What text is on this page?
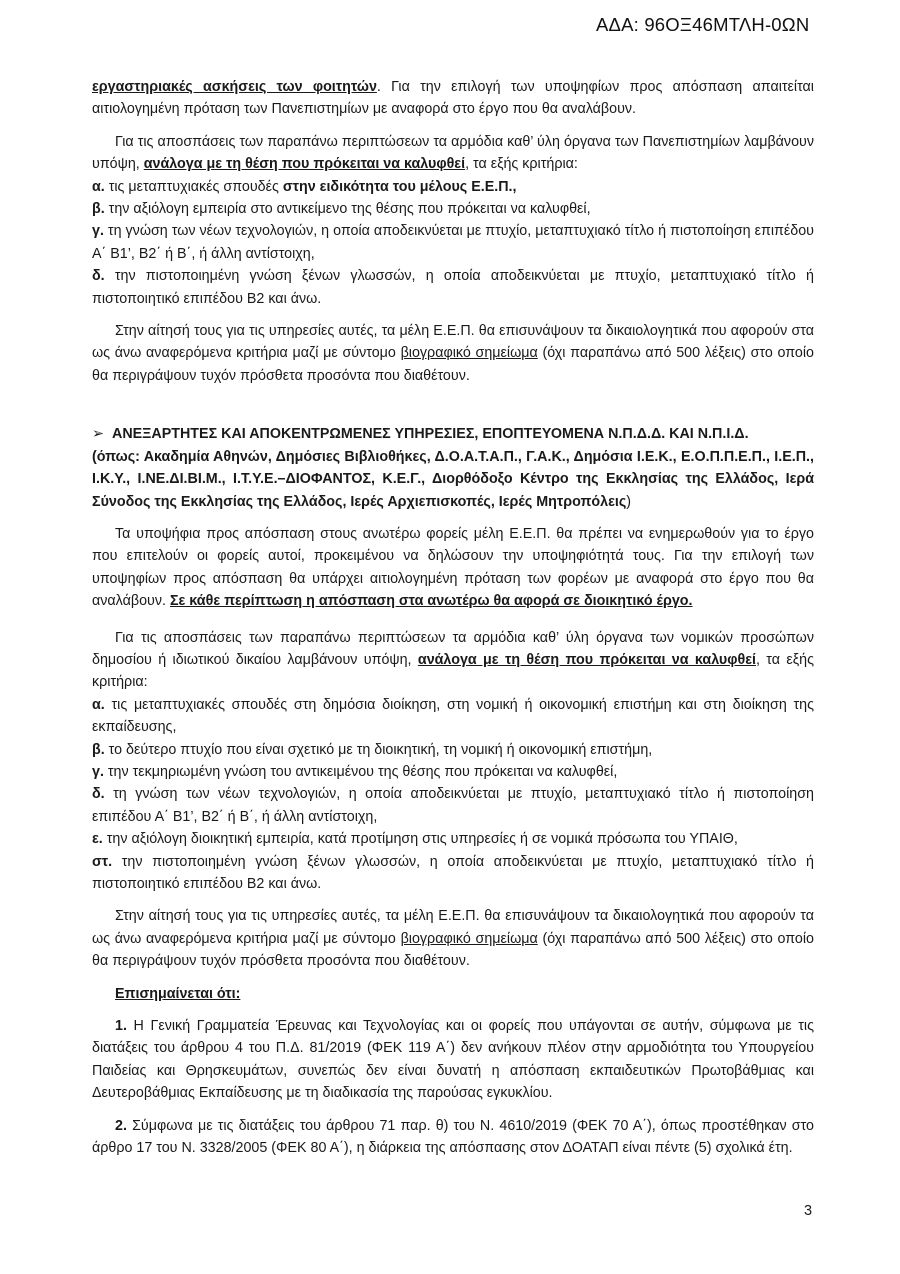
ΑΔΑ: 96ΟΞ46ΜΤΛΗ-0ΩΝ

εργαστηριακές ασκήσεις των φοιτητών. Για την επιλογή των υποψηφίων προς απόσπαση απαιτείται αιτιολογημένη πρόταση των Πανεπιστημίων με αναφορά στο έργο που θα αναλάβουν.

Για τις αποσπάσεις των παραπάνω περιπτώσεων τα αρμόδια καθ’ ύλη όργανα των Πανεπιστημίων λαμβάνουν υπόψη, ανάλογα με τη θέση που πρόκειται να καλυφθεί, τα εξής κριτήρια:

α. τις μεταπτυχιακές σπουδές στην ειδικότητα του μέλους Ε.Ε.Π.,

β. την αξιόλογη εμπειρία στο αντικείμενο της θέσης που πρόκειται να καλυφθεί,

γ. τη γνώση των νέων τεχνολογιών, η οποία αποδεικνύεται με πτυχίο, μεταπτυχιακό τίτλο ή πιστοποίηση επιπέδου Α΄ Β1’, Β2΄ ή Β΄, ή άλλη αντίστοιχη,

δ. την πιστοποιημένη γνώση ξένων γλωσσών, η οποία αποδεικνύεται με πτυχίο, μεταπτυχιακό τίτλο ή πιστοποιητικό επιπέδου Β2 και άνω.

Στην αίτησή τους για τις υπηρεσίες αυτές, τα μέλη Ε.Ε.Π. θα επισυνάψουν τα δικαιολογητικά που αφορούν στα ως άνω αναφερόμενα κριτήρια μαζί με σύντομο βιογραφικό σημείωμα (όχι παραπάνω από 500 λέξεις) στο οποίο θα περιγράψουν τυχόν πρόσθετα προσόντα που διαθέτουν.

➢ ΑΝΕΞΑΡΤΗΤΕΣ ΚΑΙ ΑΠΟΚΕΝΤΡΩΜΕΝΕΣ ΥΠΗΡΕΣΙΕΣ, ΕΠΟΠΤΕΥΟΜΕΝΑ Ν.Π.Δ.Δ. ΚΑΙ Ν.Π.Ι.Δ.

(όπως: Ακαδημία Αθηνών, Δημόσιες Βιβλιοθήκες, Δ.Ο.Α.Τ.Α.Π., Γ.Α.Κ., Δημόσια Ι.Ε.Κ., Ε.Ο.Π.Π.Ε.Π., Ι.Ε.Π., Ι.Κ.Υ., Ι.ΝΕ.ΔΙ.ΒΙ.Μ., Ι.Τ.Υ.Ε.–ΔΙΟΦΑΝΤΟΣ, Κ.Ε.Γ., Διορθόδοξο Κέντρο της Εκκλησίας της Ελλάδος, Ιερά Σύνοδος της Εκκλησίας της Ελλάδος, Ιερές Αρχιεπισκοπές, Ιερές Μητροπόλεις)

Τα υποψήφια προς απόσπαση στους ανωτέρω φορείς μέλη Ε.Ε.Π. θα πρέπει να ενημερωθούν για το έργο που επιτελούν οι φορείς αυτοί, προκειμένου να δηλώσουν την υποψηφιότητά τους. Για την επιλογή των υποψηφίων προς απόσπαση θα υπάρχει αιτιολογημένη πρόταση των φορέων με αναφορά στο έργο που θα αναλάβουν. Σε κάθε περίπτωση η απόσπαση στα ανωτέρω θα αφορά σε διοικητικό έργο.

Για τις αποσπάσεις των παραπάνω περιπτώσεων τα αρμόδια καθ’ ύλη όργανα των νομικών προσώπων δημοσίου ή ιδιωτικού δικαίου λαμβάνουν υπόψη, ανάλογα με τη θέση που πρόκειται να καλυφθεί, τα εξής κριτήρια:

α. τις μεταπτυχιακές σπουδές στη δημόσια διοίκηση, στη νομική ή οικονομική επιστήμη και στη διοίκηση της εκπαίδευσης,

β. το δεύτερο πτυχίο που είναι σχετικό με τη διοικητική, τη νομική ή οικονομική επιστήμη,

γ. την τεκμηριωμένη γνώση του αντικειμένου της θέσης που πρόκειται να καλυφθεί,

δ. τη γνώση των νέων τεχνολογιών, η οποία αποδεικνύεται με πτυχίο, μεταπτυχιακό τίτλο ή πιστοποίηση επιπέδου Α΄ Β1’, Β2΄ ή Β΄, ή άλλη αντίστοιχη,

ε. την αξιόλογη διοικητική εμπειρία, κατά προτίμηση στις υπηρεσίες ή σε νομικά πρόσωπα του ΥΠΑΙΘ,

στ. την πιστοποιημένη γνώση ξένων γλωσσών, η οποία αποδεικνύεται με πτυχίο, μεταπτυχιακό τίτλο ή πιστοποιητικό επιπέδου Β2 και άνω.

Στην αίτησή τους για τις υπηρεσίες αυτές, τα μέλη Ε.Ε.Π. θα επισυνάψουν τα δικαιολογητικά που αφορούν τα ως άνω αναφερόμενα κριτήρια μαζί με σύντομο βιογραφικό σημείωμα (όχι παραπάνω από 500 λέξεις) στο οποίο θα περιγράψουν τυχόν πρόσθετα προσόντα που διαθέτουν.

Επισημαίνεται ότι:

1. Η Γενική Γραμματεία Έρευνας και Τεχνολογίας και οι φορείς που υπάγονται σε αυτήν, σύμφωνα με τις διατάξεις του άρθρου 4 του Π.Δ. 81/2019 (ΦΕΚ 119 Α΄) δεν ανήκουν πλέον στην αρμοδιότητα του Υπουργείου Παιδείας και Θρησκευμάτων, συνεπώς δεν είναι δυνατή η απόσπαση εκπαιδευτικών Πρωτοβάθμιας και Δευτεροβάθμιας Εκπαίδευσης με τη διαδικασία της παρούσας εγκυκλίου.

2. Σύμφωνα με τις διατάξεις του άρθρου 71 παρ. θ) του Ν. 4610/2019 (ΦΕΚ 70 Α΄), όπως προστέθηκαν στο άρθρο 17 του Ν. 3328/2005 (ΦΕΚ 80 Α΄), η διάρκεια της απόσπασης στον ΔΟΑΤΑΠ είναι πέντε (5) σχολικά έτη.

3
